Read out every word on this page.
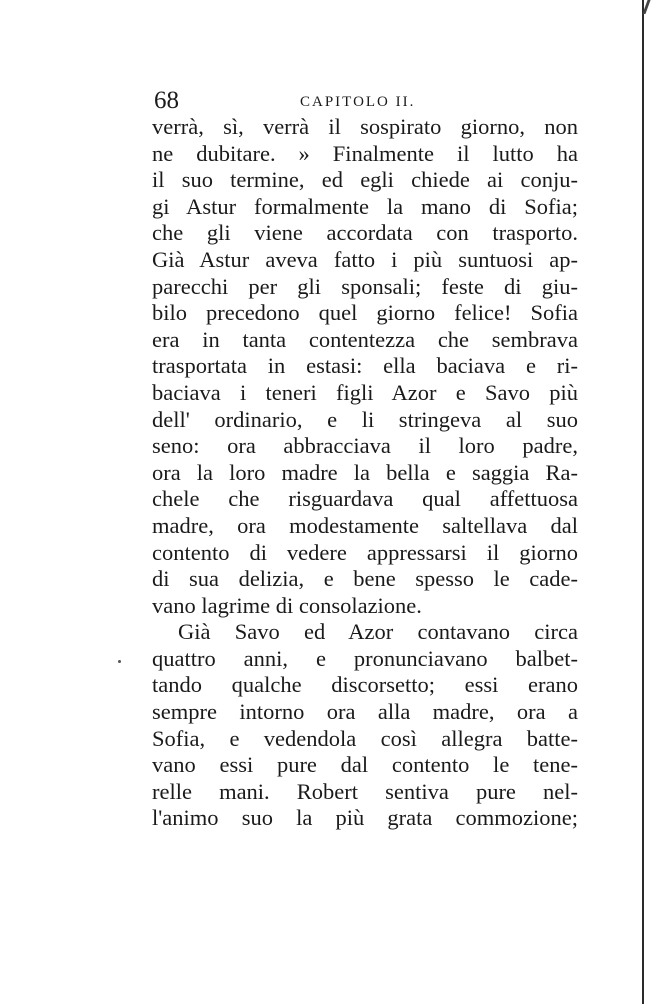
68	CAPITOLO II.
verrà, sì, verrà il sospirato giorno, non
ne dubitare. » Finalmente il lutto ha
il suo termine, ed egli chiede ai conju-
gi Astur formalmente la mano di Sofia;
che gli viene accordata con trasporto.
Già Astur aveva fatto i più suntuosi ap-
parecchi per gli sponsali; feste di giu-
bilo precedono quel giorno felice! Sofia
era in tanta contentezza che sembrava
trasportata in estasi: ella baciava e ri-
baciava i teneri figli Azor e Savo più
dell' ordinario, e li stringeva al suo
seno: ora abbracciava il loro padre,
ora la loro madre la bella e saggia Ra-
chele che risguardava qual affettuosa
madre, ora modestamente saltellava dal
contento di vedere appressarsi il giorno
di sua delizia, e bene spesso le cade-
vano lagrime di consolazione.
Già Savo ed Azor contavano circa
quattro anni, e pronunciavano balbet-
tando qualche discorsetto; essi erano
sempre intorno ora alla madre, ora a
Sofia, e vedendola così allegra batte-
vano essi pure dal contento le tene-
relle mani. Robert sentiva pure nel-
l'animo suo la più grata commozione;
